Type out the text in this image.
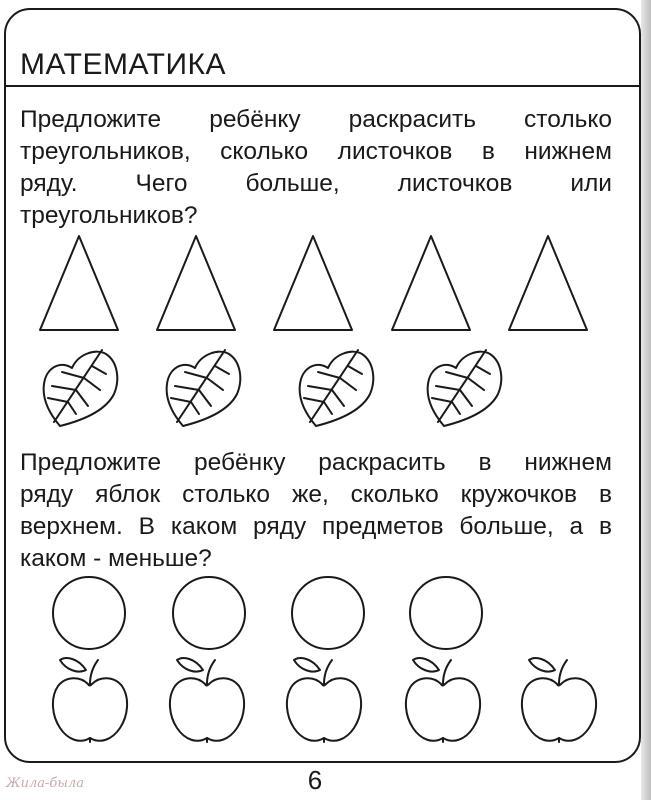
МАТЕМАТИКА

Предложите ребёнку раскрасить столько
треугольников, сколько листочков в нижнем
ряду. Чего больше, листочков или
треугольников?

Предложите ребёнку раскрасить в нижнем
ряду яблок столько же, сколько кружочков в
верхнем. В каком ряду предметов больше, а в
каком - меньше?

6
Жила-была
